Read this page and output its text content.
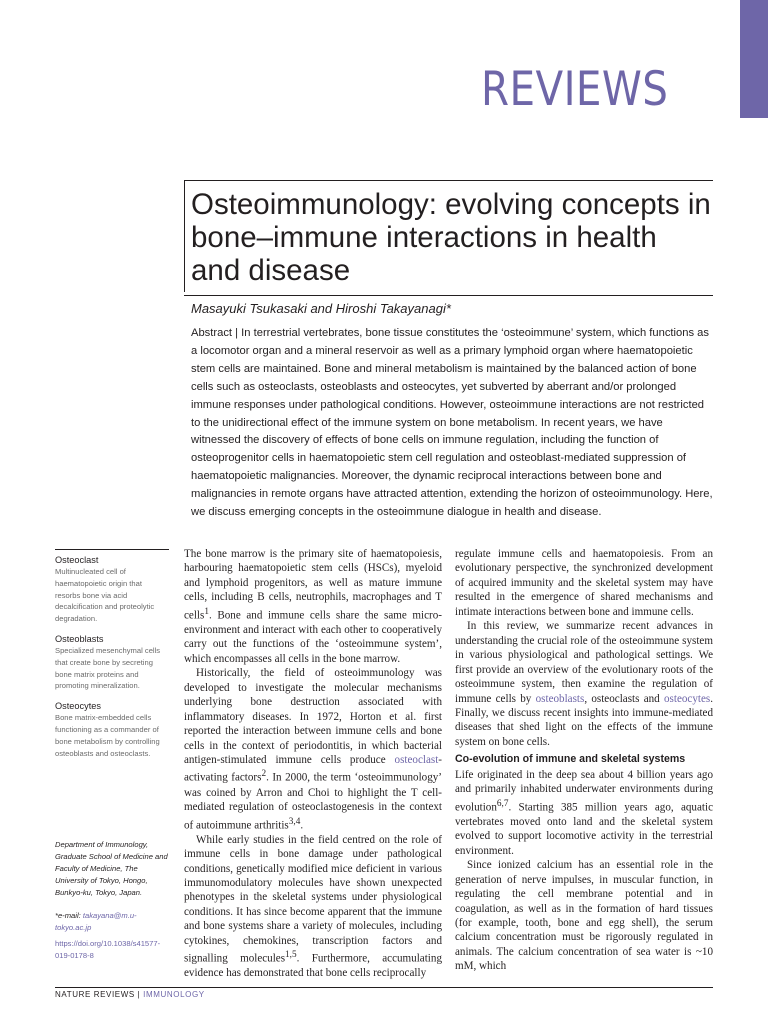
REVIEWS
Osteoimmunology: evolving concepts in bone–immune interactions in health and disease
Masayuki Tsukasaki and Hiroshi Takayanagi*
Abstract | In terrestrial vertebrates, bone tissue constitutes the ‘osteoimmune’ system, which functions as a locomotor organ and a mineral reservoir as well as a primary lymphoid organ where haematopoietic stem cells are maintained. Bone and mineral metabolism is maintained by the balanced action of bone cells such as osteoclasts, osteoblasts and osteocytes, yet subverted by aberrant and/or prolonged immune responses under pathological conditions. However, osteoimmune interactions are not restricted to the unidirectional effect of the immune system on bone metabolism. In recent years, we have witnessed the discovery of effects of bone cells on immune regulation, including the function of osteoprogenitor cells in haematopoietic stem cell regulation and osteoblast-mediated suppression of haematopoietic malignancies. Moreover, the dynamic reciprocal interactions between bone and malignancies in remote organs have attracted attention, extending the horizon of osteoimmunology. Here, we discuss emerging concepts in the osteoimmune dialogue in health and disease.
Osteoclast
Multinucleated cell of haematopoietic origin that resorbs bone via acid decalcification and proteolytic degradation.
Osteoblasts
Specialized mesenchymal cells that create bone by secreting bone matrix proteins and promoting mineralization.
Osteocytes
Bone matrix-embedded cells functioning as a commander of bone metabolism by controlling osteoblasts and osteoclasts.
Department of Immunology, Graduate School of Medicine and Faculty of Medicine, The University of Tokyo, Hongo, Bunkyo-ku, Tokyo, Japan.
*e-mail: takayana@m.u-tokyo.ac.jp
https://doi.org/10.1038/s41577-019-0178-8

The bone marrow is the primary site of haematopoiesis, harbouring haematopoietic stem cells (HSCs), myeloid and lymphoid progenitors, as well as mature immune cells, including B cells, neutrophils, macrophages and T cells$^1$. Bone and immune cells share the same micro-environment and interact with each other to cooperatively carry out the functions of the ‘osteoimmune system’, which encompasses all cells in the bone marrow.

Historically, the field of osteoimmunology was developed to investigate the molecular mechanisms underlying bone destruction associated with inflammatory diseases. In 1972, Horton et al. first reported the interaction between immune cells and bone cells in the context of periodontitis, in which bacterial antigen-stimulated immune cells produce osteoclast-activating factors$^2$. In 2000, the term ‘osteoimmunology’ was coined by Arron and Choi to highlight the T cell-mediated regulation of osteoclastogenesis in the context of autoimmune arthritis$^{3,4}$.

While early studies in the field centred on the role of immune cells in bone damage under pathological conditions, genetically modified mice deficient in various immunomodulatory molecules have shown unexpected phenotypes in the skeletal systems under physiological conditions. It has since become apparent that the immune and bone systems share a variety of molecules, including cytokines, chemokines, transcription factors and signalling molecules$^{1,5}$. Furthermore, accumulating evidence has demonstrated that bone cells reciprocally

regulate immune cells and haematopoiesis. From an evolutionary perspective, the synchronized development of acquired immunity and the skeletal system may have resulted in the emergence of shared mechanisms and intimate interactions between bone and immune cells.

In this review, we summarize recent advances in understanding the crucial role of the osteoimmune system in various physiological and pathological settings. We first provide an overview of the evolutionary roots of the osteoimmune system, then examine the regulation of immune cells by osteoblasts, osteoclasts and osteocytes. Finally, we discuss recent insights into immune-mediated diseases that shed light on the effects of the immune system on bone cells.

Co-evolution of immune and skeletal systems

Life originated in the deep sea about 4 billion years ago and primarily inhabited underwater environments during evolution$^{6,7}$. Starting 385 million years ago, aquatic vertebrates moved onto land and the skeletal system evolved to support locomotive activity in the terrestrial environment.

Since ionized calcium has an essential role in the generation of nerve impulses, in muscular function, in regulating the cell membrane potential and in coagulation, as well as in the formation of hard tissues (for example, tooth, bone and egg shell), the serum calcium concentration must be rigorously regulated in animals. The calcium concentration of sea water is ~10 mM, which

NATURE REVIEWS | IMMUNOLOGY
